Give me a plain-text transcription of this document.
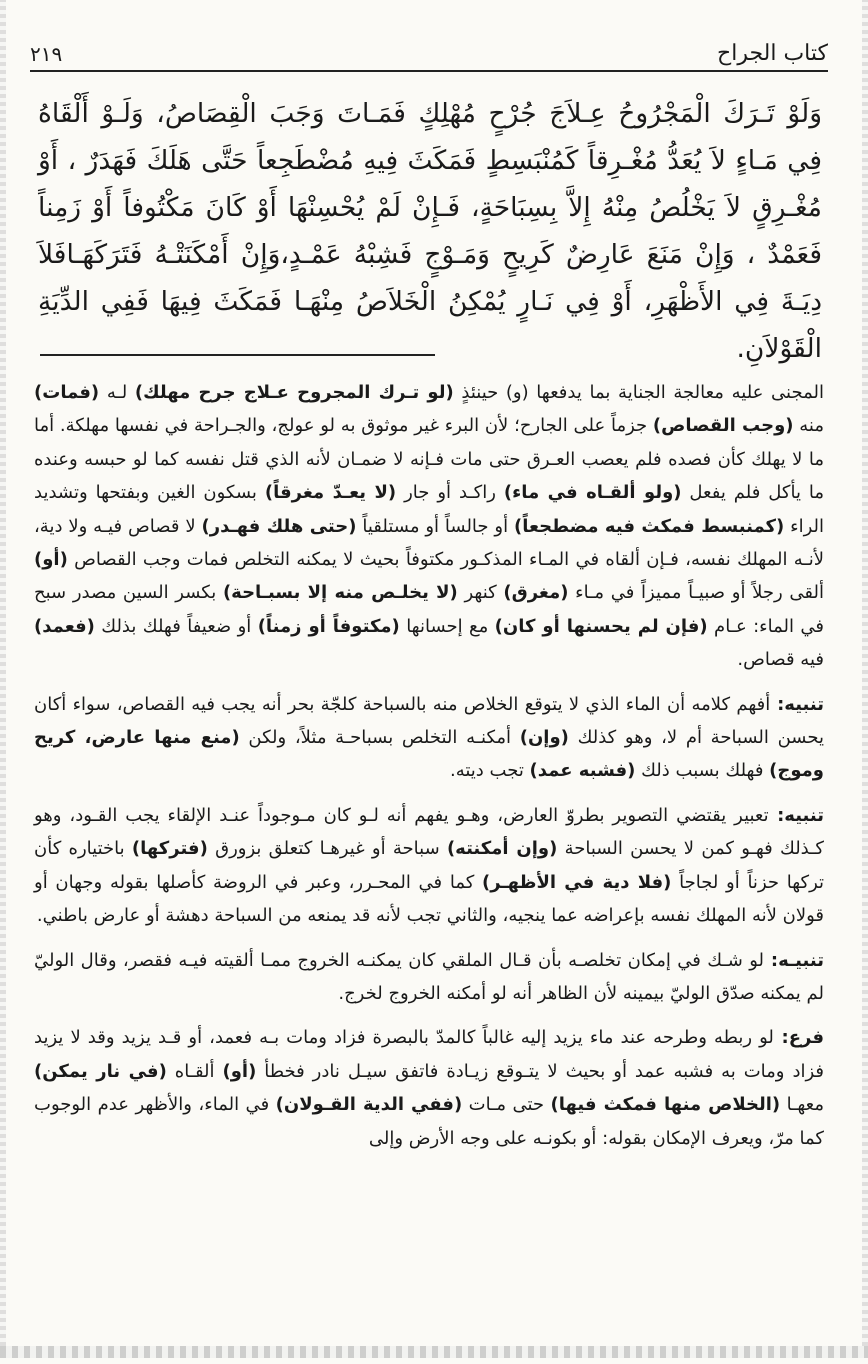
كتاب الجراح
٢١٩
وَلَوْ تَـرَكَ الْمَجْرُوحُ عِـلاَجَ جُرْحٍ مُهْلِكٍ فَمَـاتَ وَجَبَ الْقِصَاصُ، وَلَـوْ أَلْقَاهُ فِي مَـاءٍ لاَ يُعَدُّ مُغْـرِقاً كَمُنْبَسِطٍ فَمَكَثَ فِيهِ مُضْطَجِعاً حَتَّى هَلَكَ فَهَدَرٌ ، أَوْ مُغْـرِقٍ لاَ يَخْلُصُ مِنْهُ إِلاَّ بِسِبَاحَةٍ، فَـإِنْ لَمْ يُحْسِنْهَا أَوْ كَانَ مَكْتُوفاً أَوْ زَمِناً فَعَمْدٌ ، وَإِنْ مَنَعَ عَارِضٌ كَرِيحٍ وَمَـوْجٍ فَشِبْهُ عَمْـدٍ،وَإِنْ أَمْكَنَتْـهُ فَتَرَكَهَـافَلاَ دِيَـةَ فِي الأَظْهَرِ، أَوْ فِي نَـارٍ يُمْكِنُ الْخَلاَصُ مِنْهَـا فَمَكَثَ فِيهَا فَفِي الدِّيَةِ الْقَوْلاَنِ.

المجنى عليه معالجة الجناية بما يدفعها (و) حينئذٍ (لو تـرك المجروح عـلاج جرح مهلك) لـه (فمات) منه (وجب القصاص) جزماً على الجارح؛ لأن البرء غير موثوق به لو عولج، والجـراحة في نفسها مهلكة. أما ما لا يهلك كأن فصده فلم يعصب العـرق حتى مات فـإنه لا ضمـان لأنه الذي قتل نفسه كما لو حبسه وعنده ما يأكل فلم يفعل (ولو ألقـاه في ماء) راكـد أو جار (لا يعـدّ مغرقاً) بسكون الغين وبفتحها وتشديد الراء (كمنبسط فمكث فيه مضطجعاً) أو جالساً أو مستلقياً (حتى هلك فهـدر) لا قصاص فيـه ولا دية، لأنـه المهلك نفسه، فـإن ألقاه في المـاء المذكـور مكتوفاً بحيث لا يمكنه التخلص فمات وجب القصاص (أو) ألقى رجلاً أو صبيـاً مميزاً في مـاء (مغرق) كنهر (لا يخلـص منه إلا بسبـاحة) بكسر السين مصدر سبح في الماء: عـام (فإن لم يحسنها أو كان) مع إحسانها (مكتوفاً أو زمناً) أو ضعيفاً فهلك بذلك (فعمد) فيه قصاص.

تنبيه: أفهم كلامه أن الماء الذي لا يتوقع الخلاص منه بالسباحة كلجّة بحر أنه يجب فيه القصاص، سواء أكان يحسن السباحة أم لا، وهو كذلك (وإن) أمكنـه التخلص بسباحـة مثلاً، ولكن (منع منها عارض، كريح وموج) فهلك بسبب ذلك (فشبه عمد) تجب ديته.

تنبيه: تعبير يقتضي التصوير بطروّ العارض، وهـو يفهم أنه لـو كان مـوجوداً عنـد الإلقاء يجب القـود، وهو كـذلك فهـو كمن لا يحسن السباحة (وإن أمكنته) سباحة أو غيرهـا كتعلق بزورق (فتركها) باختياره كأن تركها حزناً أو لجاجاً (فلا دية في الأظهـر) كما في المحـرر، وعبر في الروضة كأصلها بقوله وجهان أو قولان لأنه المهلك نفسه بإعراضه عما ينجيه، والثاني تجب لأنه قد يمنعه من السباحة دهشة أو عارض باطني.

تنبيـه: لو شـك في إمكان تخلصـه بأن قـال الملقي كان يمكنـه الخروج ممـا ألقيته فيـه فقصر، وقال الوليّ لم يمكنه صدّق الوليّ بيمينه لأن الظاهر أنه لو أمكنه الخروج لخرج.

فرع: لو ربطه وطرحه عند ماء يزيد إليه غالباً كالمدّ بالبصرة فزاد ومات بـه فعمد، أو قـد يزيد وقد لا يزيد فزاد ومات به فشبه عمد أو بحيث لا يتـوقع زيـادة فاتفق سيـل نادر فخطأ (أو) ألقـاه (في نار يمكن) معهـا (الخلاص منها فمكث فيها) حتى مـات (ففي الدية القـولان) في الماء، والأظهر عدم الوجوب كما مرّ، ويعرف الإمكان بقوله: أو بكونـه على وجه الأرض وإلى
